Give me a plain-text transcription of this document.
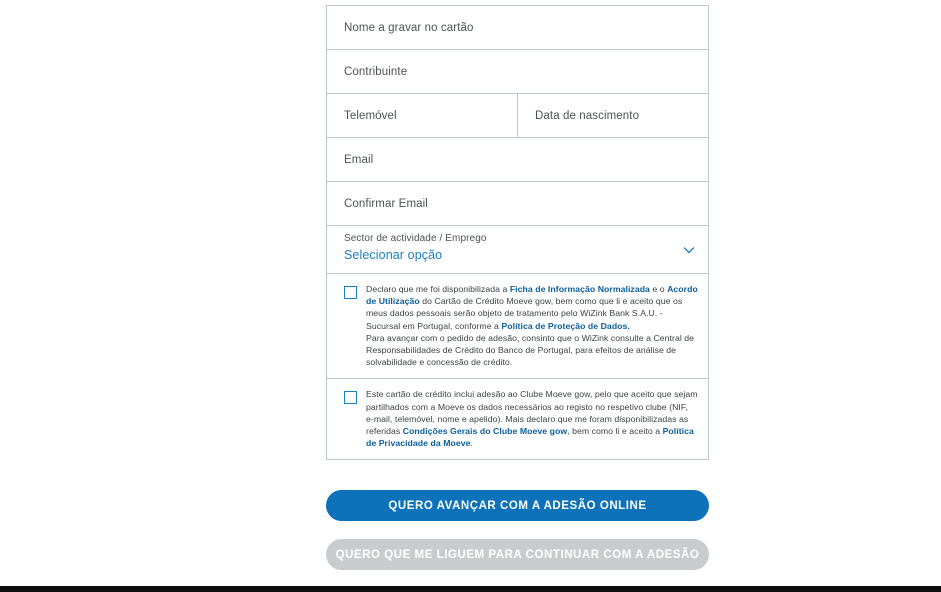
Nome a gravar no cartão
Contribuinte
Telemóvel	Data de nascimento
Email
Confirmar Email
Sector de actividade / Emprego
Selecionar opção

Declaro que me foi disponibilizada a Ficha de Informação Normalizada e o Acordo de Utilização do Cartão de Crédito Moeve gow, bem como que li e aceito que os meus dados pessoais serão objeto de tratamento pelo WiZink Bank S.A.U. - Sucursal em Portugal, conforme a Política de Proteção de Dados.

Para avançar com o pedido de adesão, consinto que o WiZink consulte a Central de Responsabilidades de Crédito do Banco de Portugal, para efeitos de análise de solvabilidade e concessão de crédito.

Este cartão de crédito inclui adesão ao Clube Moeve gow, pelo que aceito que sejam partilhados com a Moeve os dados necessários ao registo no respetivo clube (NIF, e-mail, telemóvel, nome e apelido). Mais declaro que me foram disponibilizadas as referidas Condições Gerais do Clube Moeve gow, bem como li e aceito a Política de Privacidade da Moeve.

QUERO AVANÇAR COM A ADESÃO ONLINE
QUERO QUE ME LIGUEM PARA CONTINUAR COM A ADESÃO
